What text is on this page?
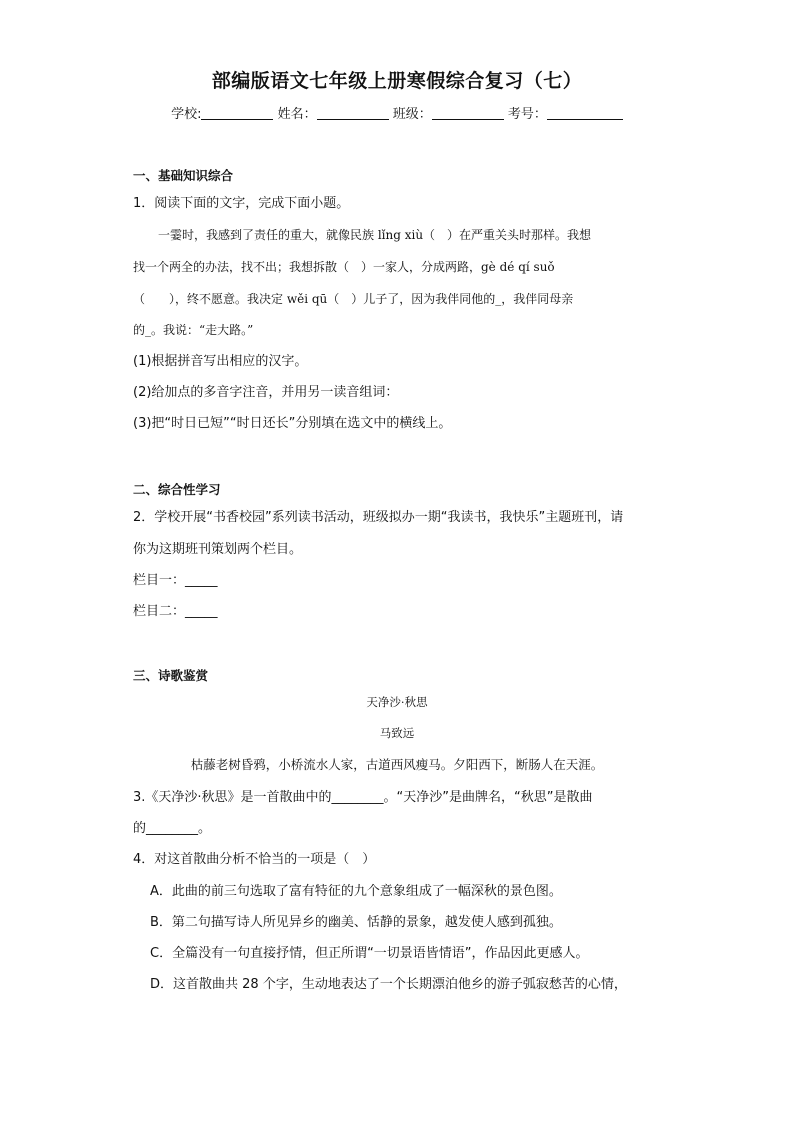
部编版语文七年级上册寒假综合复习（七）
学校:	姓名：	班级：	考号：
一、基础知识综合
1．阅读下面的文字，完成下面小题。
一霎时，我感到了责任的重大，就像民族 lǐng xiù（　）在严重关头时那样。我想
找一个两全的办法，找不出；我想拆散（　）一家人，分成两路，gè dé qí suǒ
（　　），终不愿意。我决定 wěi qū（　）儿子了，因为我伴同他的_，我伴同母亲
的_。我说：“走大路。”
(1)根据拼音写出相应的汉字。
(2)给加点的多音字注音，并用另一读音组词：
(3)把“时日已短”“时日还长”分别填在选文中的横线上。
二、综合性学习
2．学校开展“书香校园”系列读书活动，班级拟办一期“我读书，我快乐”主题班刊，请
你为这期班刊策划两个栏目。
栏目一：_____
栏目二：_____
三、诗歌鉴赏
天净沙·秋思
马致远
枯藤老树昏鸦，小桥流水人家，古道西风瘦马。夕阳西下，断肠人在天涯。
3.《天净沙·秋思》是一首散曲中的________。“天净沙”是曲牌名，“秋思”是散曲
的________。
4．对这首散曲分析不恰当的一项是（　）
A．此曲的前三句选取了富有特征的九个意象组成了一幅深秋的景色图。
B．第二句描写诗人所见异乡的幽美、恬静的景象，越发使人感到孤独。
C．全篇没有一句直接抒情，但正所谓“一切景语皆情语”，作品因此更感人。
D．这首散曲共 28 个字，生动地表达了一个长期漂泊他乡的游子弧寂愁苦的心情，
